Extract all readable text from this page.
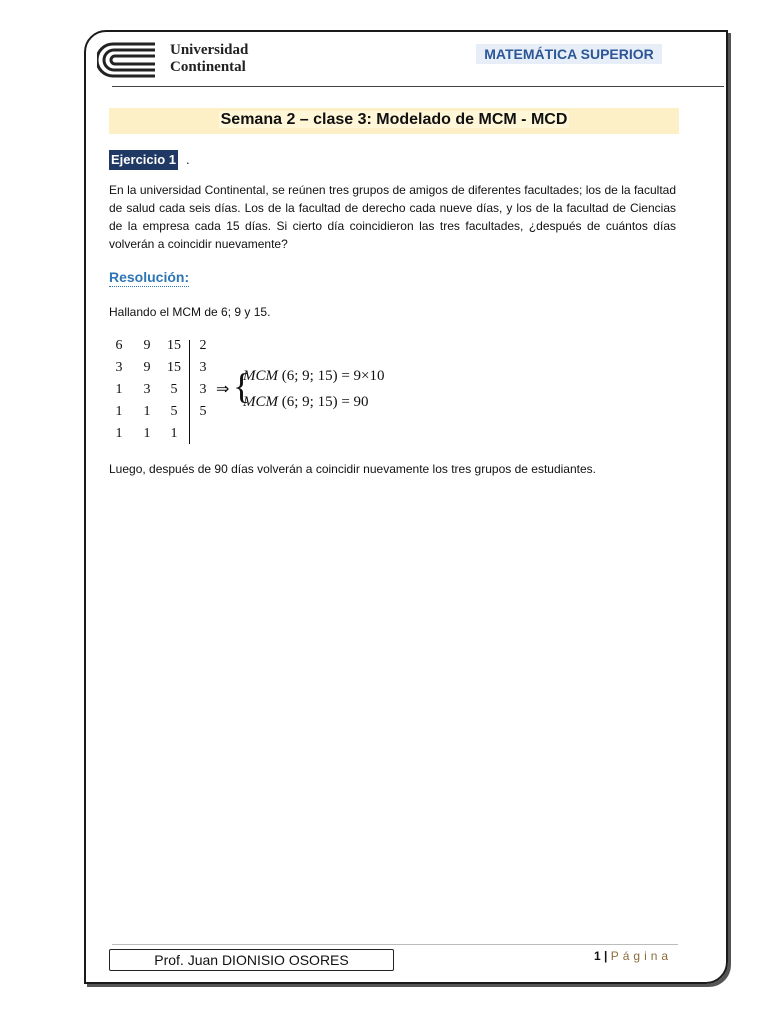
Universidad
Continental
MATEMÁTICA SUPERIOR
Semana 2 – clase 3: Modelado de MCM - MCD
Ejercicio 1 .
En la universidad Continental, se reúnen tres grupos de amigos de diferentes facultades; los de la facultad de salud cada seis días. Los de la facultad de derecho cada nueve días, y los de la facultad de Ciencias de la empresa cada 15 días. Si cierto día coincidieron las tres facultades, ¿después de cuántos días volverán a coincidir nuevamente?
Resolución:
Hallando el MCM de 6; 9 y 15.
6	9	15	2
3	9	15	3
1	3	5	3
1	1	5	5
1	1	1
⇒ {
MCM (6; 9; 15) = 9×10
MCM (6; 9; 15) = 90
Luego, después de 90 días volverán a coincidir nuevamente los tres grupos de estudiantes.
Prof. Juan DIONISIO OSORES	1 | Página
